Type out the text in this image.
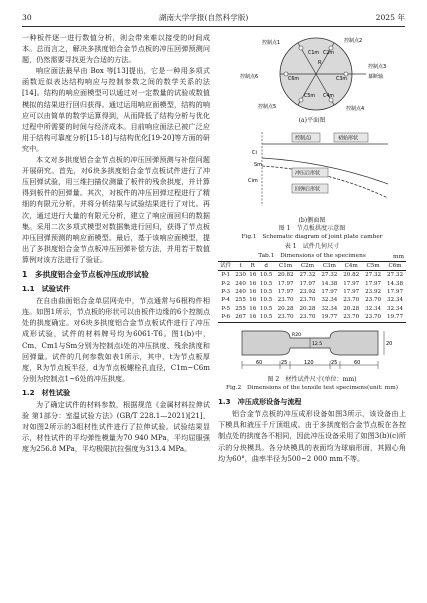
30	湖南大学学报(自然科学版)	2025 年

一种板件逐一进行数值分析，则会带来难以接受的时间成本。总而言之，解决多拱度铝合金节点板的冲压回弹预测问题，仍然需要寻找更为合适的方法。

响应面法最早由 Box 等[13]提出，它是一种用多项式函数近似表达结构响应与控制参数之间的数学关系的法[14]。结构的响应面模型可以通过对一定数量的试验或数值模拟的结果进行回归获得。通过运用响应面模型，结构的响应可以由简单的数学运算得到，从而降低了结构分析与优化过程中所需要的时间与经济成本。目前响应面法已被广泛应用于结构可靠度分析[15-18]与结构优化[19-20]等方面的研究中。

本文对多拱度铝合金节点板的冲压回弹预测与补偿问题开展研究。首先，对6块多拱度铝合金节点板试件进行了冲压回弹试验，用三维扫描仪测量了板件的残余拱度，并计算得到板件的回弹量。其次，对板件的冲压回弹过程进行了精细的有限元分析，并将分析结果与试验结果进行了对比。再次，通过进行大量的有限元分析，建立了响应面回归的数据集。采用二次多项式模型对数据集进行回归，获得了节点板冲压回弹预测的响应面模型。最后，基于该响应面模型，提出了多拱度铝合金节点板冲压回弹补偿方法，并用若干数值算例对该方法进行了验证。

1　多拱度铝合金节点板冲压成形试验
1.1　试验试件

在自由曲面铝合金单层网壳中，节点通常与6根构件相连。如图1所示，节点板的形状可以由板件边缘的6个控制点处的拱度确定。对6块多拱度铝合金节点板试件进行了冲压成形试验，试件的材料牌号均为6061-T6。图1(b)中，Cm、Cm1与Sm分别为控制点i处的冲压拱度、残余拱度和回弹量。试件的几何参数如表1所示，其中，t为节点板厚度，R为节点板半径，d为节点板螺栓孔直径，C1m~C6m分别为控制点1~6处的冲压拱度。

1.2　材性试验

为了确定试件的材料参数，根据规范《金属材料拉伸试验 第1部分：室温试验方法》(GB/T 228.1—2021)[21]，对如图2所示的3组材性试件进行了拉伸试验。试验结果显示，材性试件的平均弹性模量为70 940 MPa，平均屈服强度为256.8 MPa，平均极限抗拉强度为313.4 MPa。

控制点1	控制点2
控制点3
控制点4
控制点5
控制点6
C1m C2m
C3m
C4m
C5m
C6m
R
幕断轴
(a)平面图
控制点i	初始形状
冲压后形状
回弹后形状
Ci
Cim
Sm
(b)侧面图
图 1　节点板拱度示意图
Fig.1　Schematic diagram of joint plate camber
表 1　试件几何尺寸
Tab.1　Dimensions of the specimens	mm
试件	t	R	d	C1m	C2m	C3m	C4m	C5m	C6m
P-1	230	16	10.5	20.82	27.32	27.32	20.82	27.32	27.32
P-2	240	16	10.5	17.97	17.97	14.38	17.97	17.97	14.38
P-3	240	16	10.5	17.97	23.92	17.97	17.97	23.92	17.97
P-4	255	16	10.5	23.70	23.70	32.34	23.70	23.70	32.34
P-5	255	16	10.5	20.28	20.28	32.34	20.28	32.34	32.34
P-6	267	16	10.5	23.70	23.70	19.77	23.70	23.70	19.77
60	25	120	25	60
20
12.5
R20
图 2　材性试件尺寸(单位：mm)
Fig.2　Dimensions of the tensile test specimens(unit: mm)
1.3　冲压成形设备与流程

铝合金节点板的冲压成形设备如图3所示，该设备由上下模具和液压千斤顶组成。由于多拱度铝合金节点板在各控制点处的拱度各不相同，因此冲压设备采用了如图3(b)(c)所示的分块模具。各分块模具的表面均为球扇形面，其圆心角均为60°，曲率半径为500~2 000 mm不等。
